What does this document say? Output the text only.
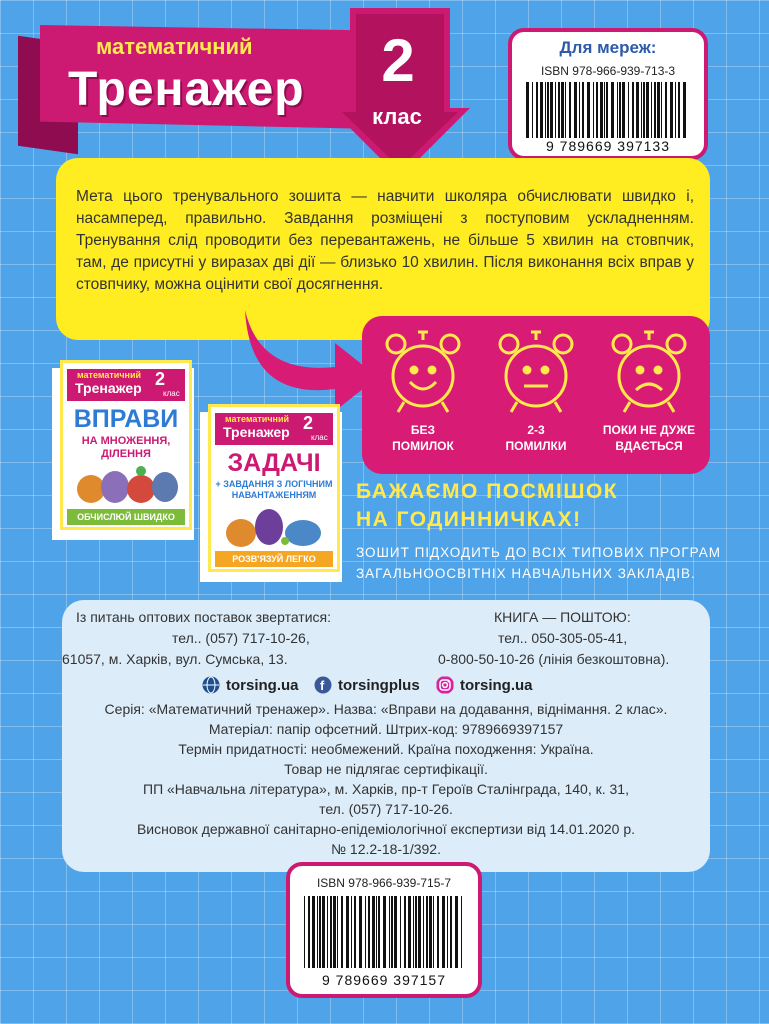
математичний
Тренажер 2
клас
Для мереж:
ISBN 978-966-939-713-3
9 789669 397133
Мета цього тренувального зошита — навчити школяра обчислювати швидко і, насамперед, правильно. Завдання розміщені з поступовим ускладненням. Тренування слід проводити без перевантажень, не більше 5 хвилин на стовпчик, там, де присутні у виразах дві дії — близько 10 хвилин. Після виконання всіх вправ у стовпчику, можна оцінити свої досягнення.
БЕЗ
ПОМИЛОК
2-3
ПОМИЛКИ
ПОКИ НЕ ДУЖЕ
ВДАЄТЬСЯ
математичний
Тренажер 2
клас
ВПРАВИ
НА МНОЖЕННЯ,
ДІЛЕННЯ
ОБЧИСЛЮЙ ШВИДКО
математичний
Тренажер 2
клас
ЗАДАЧІ
+ ЗАВДАННЯ З ЛОГІЧНИМ
НАВАНТАЖЕННЯМ
РОЗВ'ЯЗУЙ ЛЕГКО
БАЖАЄМО ПОСМІШОК
НА ГОДИННИЧКАХ!
ЗОШИТ ПІДХОДИТЬ ДО ВСІХ ТИПОВИХ ПРОГРАМ
ЗАГАЛЬНООСВІТНІХ НАВЧАЛЬНИХ ЗАКЛАДІВ.
Із питань оптових поставок звертатися:
тел.. (057) 717-10-26,
61057, м. Харків, вул. Сумська, 13.
КНИГА — ПОШТОЮ:
тел.. 050-305-05-41,
0-800-50-10-26 (лінія безкоштовна).
torsing.ua f torsingplus	torsing.ua
Серія: «Математичний тренажер». Назва: «Вправи на додавання, віднімання. 2 клас».
Матеріал: папір офсетний. Штрих-код: 9789669397157
Термін придатності: необмежений. Країна походження: Україна.
Товар не підлягає сертифікації.
ПП «Навчальна література», м. Харків, пр-т Героїв Сталінграда, 140, к. 31,
тел. (057) 717-10-26.
Висновок державної санітарно-епідеміологічної експертизи від 14.01.2020 р.
№ 12.2-18-1/392.
ISBN 978-966-939-715-7
9 789669 397157
